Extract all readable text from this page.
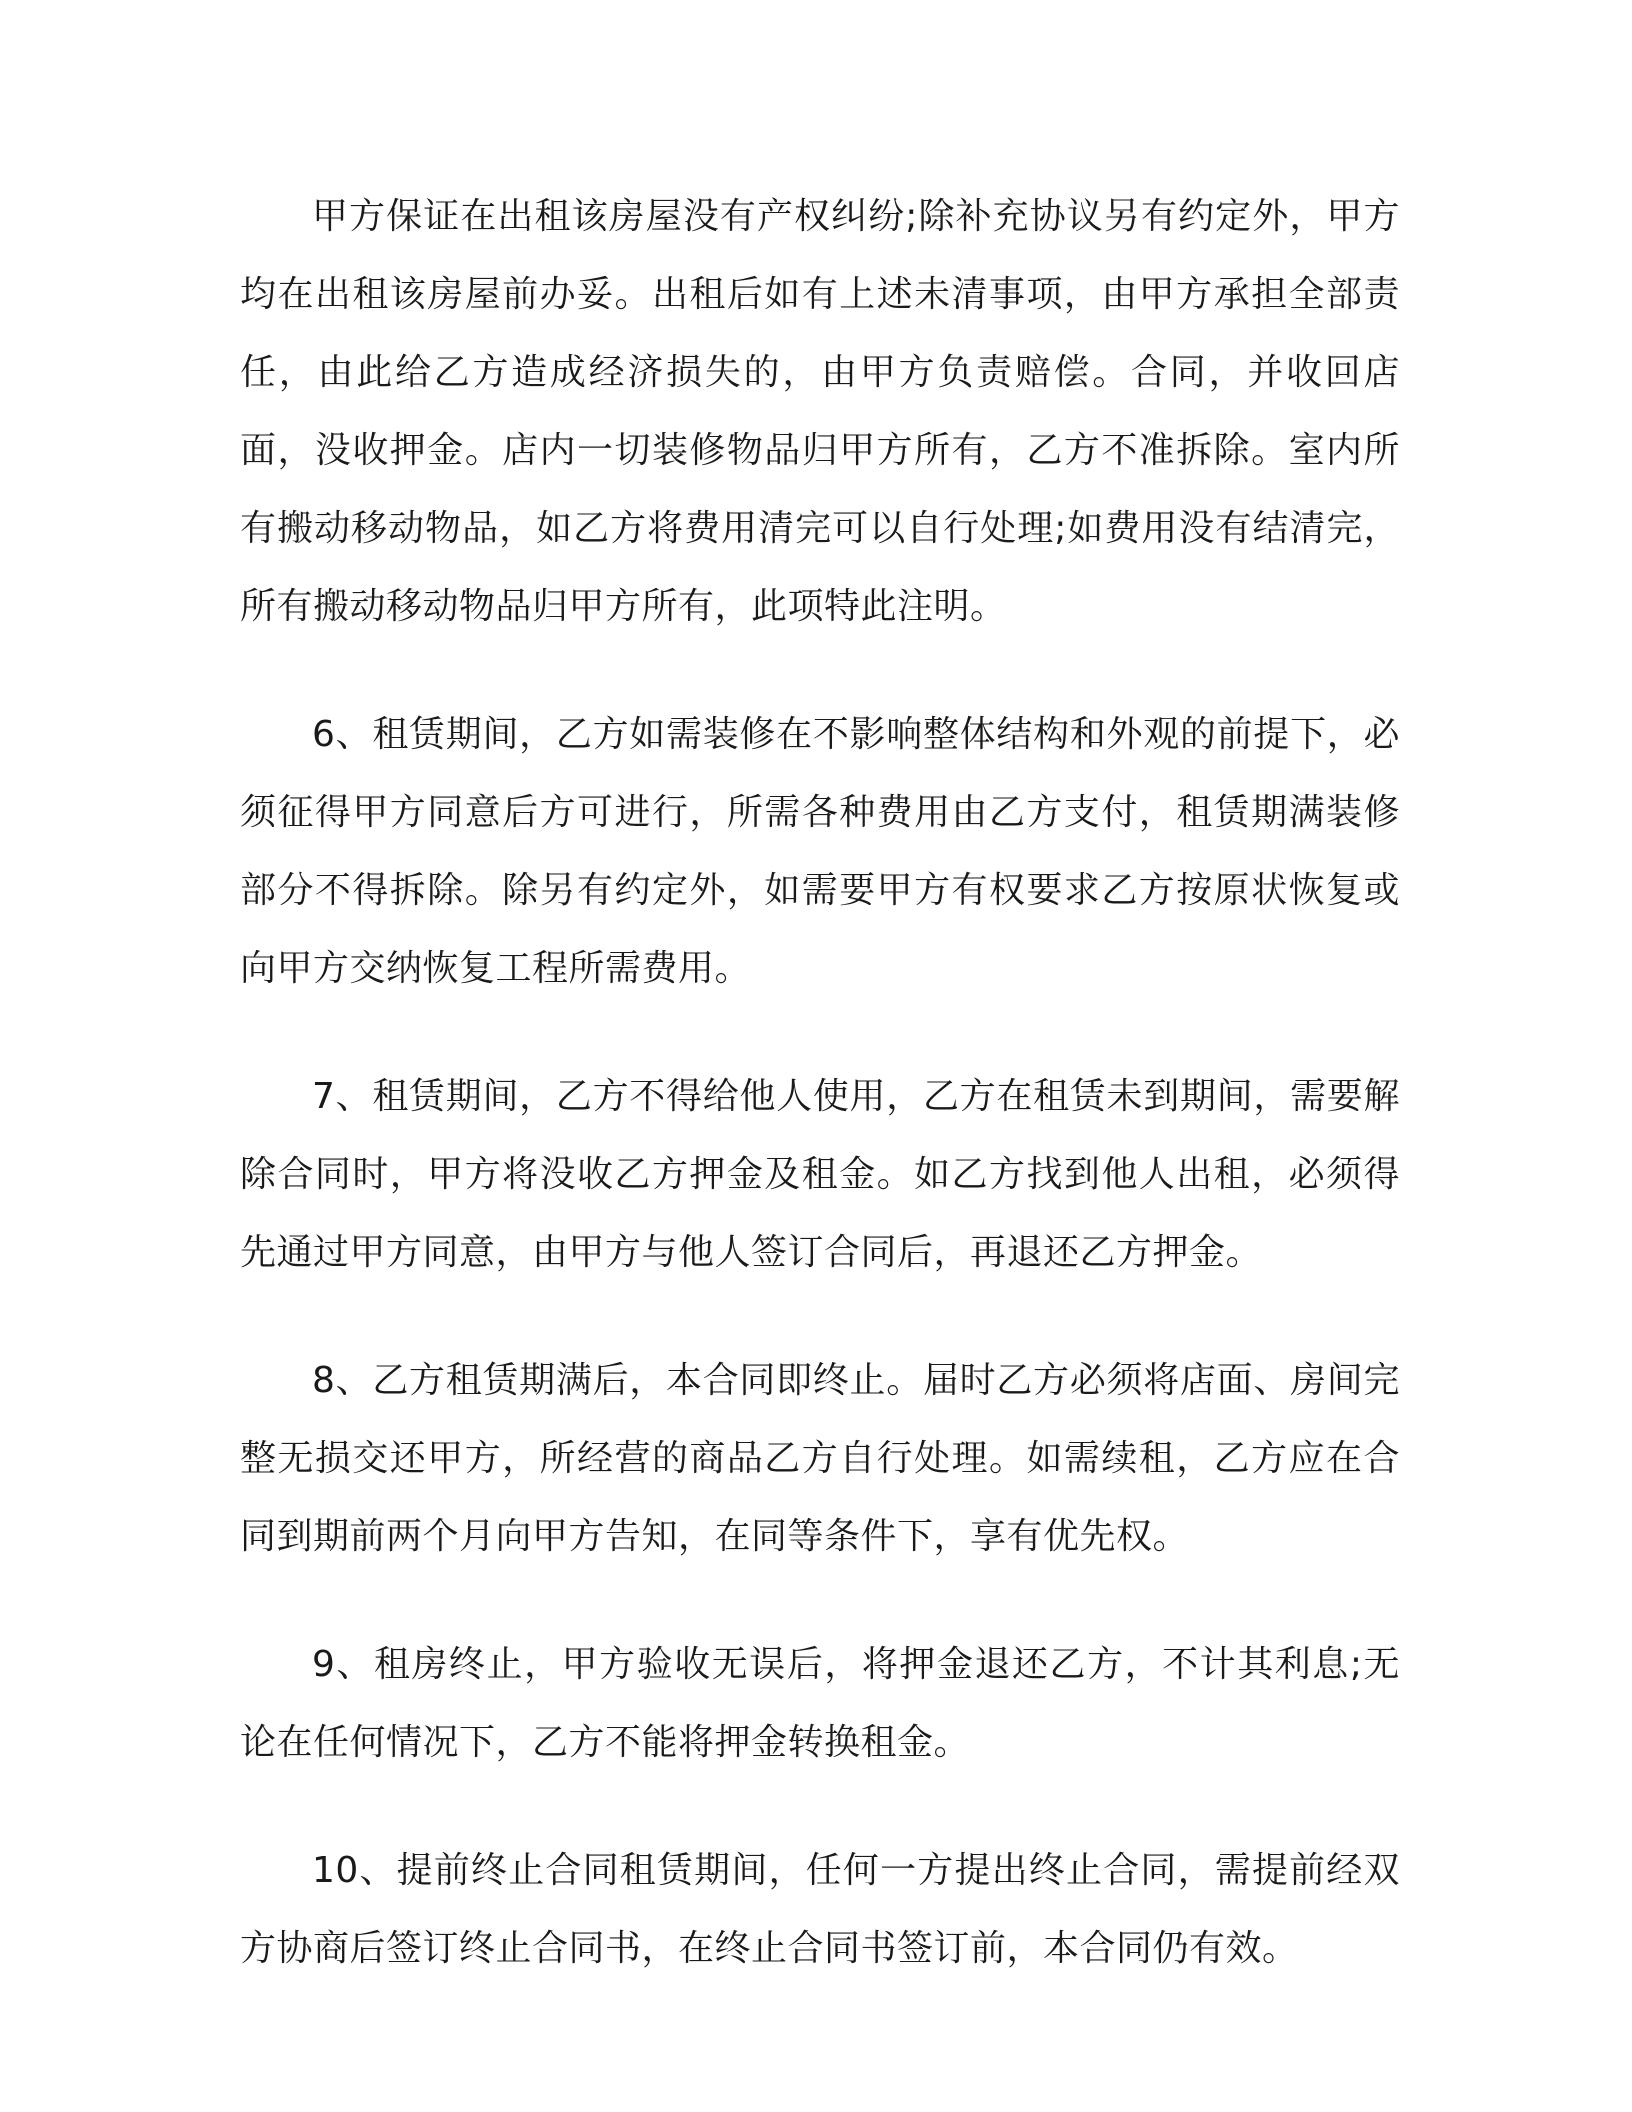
甲方保证在出租该房屋没有产权纠纷;除补充协议另有约定外，甲方均在出租该房屋前办妥。出租后如有上述未清事项，由甲方承担全部责任，由此给乙方造成经济损失的，由甲方负责赔偿。合同，并收回店面，没收押金。店内一切装修物品归甲方所有，乙方不准拆除。室内所有搬动移动物品，如乙方将费用清完可以自行处理;如费用没有结清完，所有搬动移动物品归甲方所有，此项特此注明。

6、租赁期间，乙方如需装修在不影响整体结构和外观的前提下，必须征得甲方同意后方可进行，所需各种费用由乙方支付，租赁期满装修部分不得拆除。除另有约定外，如需要甲方有权要求乙方按原状恢复或向甲方交纳恢复工程所需费用。

7、租赁期间，乙方不得给他人使用，乙方在租赁未到期间，需要解除合同时，甲方将没收乙方押金及租金。如乙方找到他人出租，必须得先通过甲方同意，由甲方与他人签订合同后，再退还乙方押金。

8、乙方租赁期满后，本合同即终止。届时乙方必须将店面、房间完整无损交还甲方，所经营的商品乙方自行处理。如需续租，乙方应在合同到期前两个月向甲方告知，在同等条件下，享有优先权。

9、租房终止，甲方验收无误后，将押金退还乙方，不计其利息;无论在任何情况下，乙方不能将押金转换租金。

10、提前终止合同租赁期间，任何一方提出终止合同，需提前经双方协商后签订终止合同书，在终止合同书签订前，本合同仍有效。
